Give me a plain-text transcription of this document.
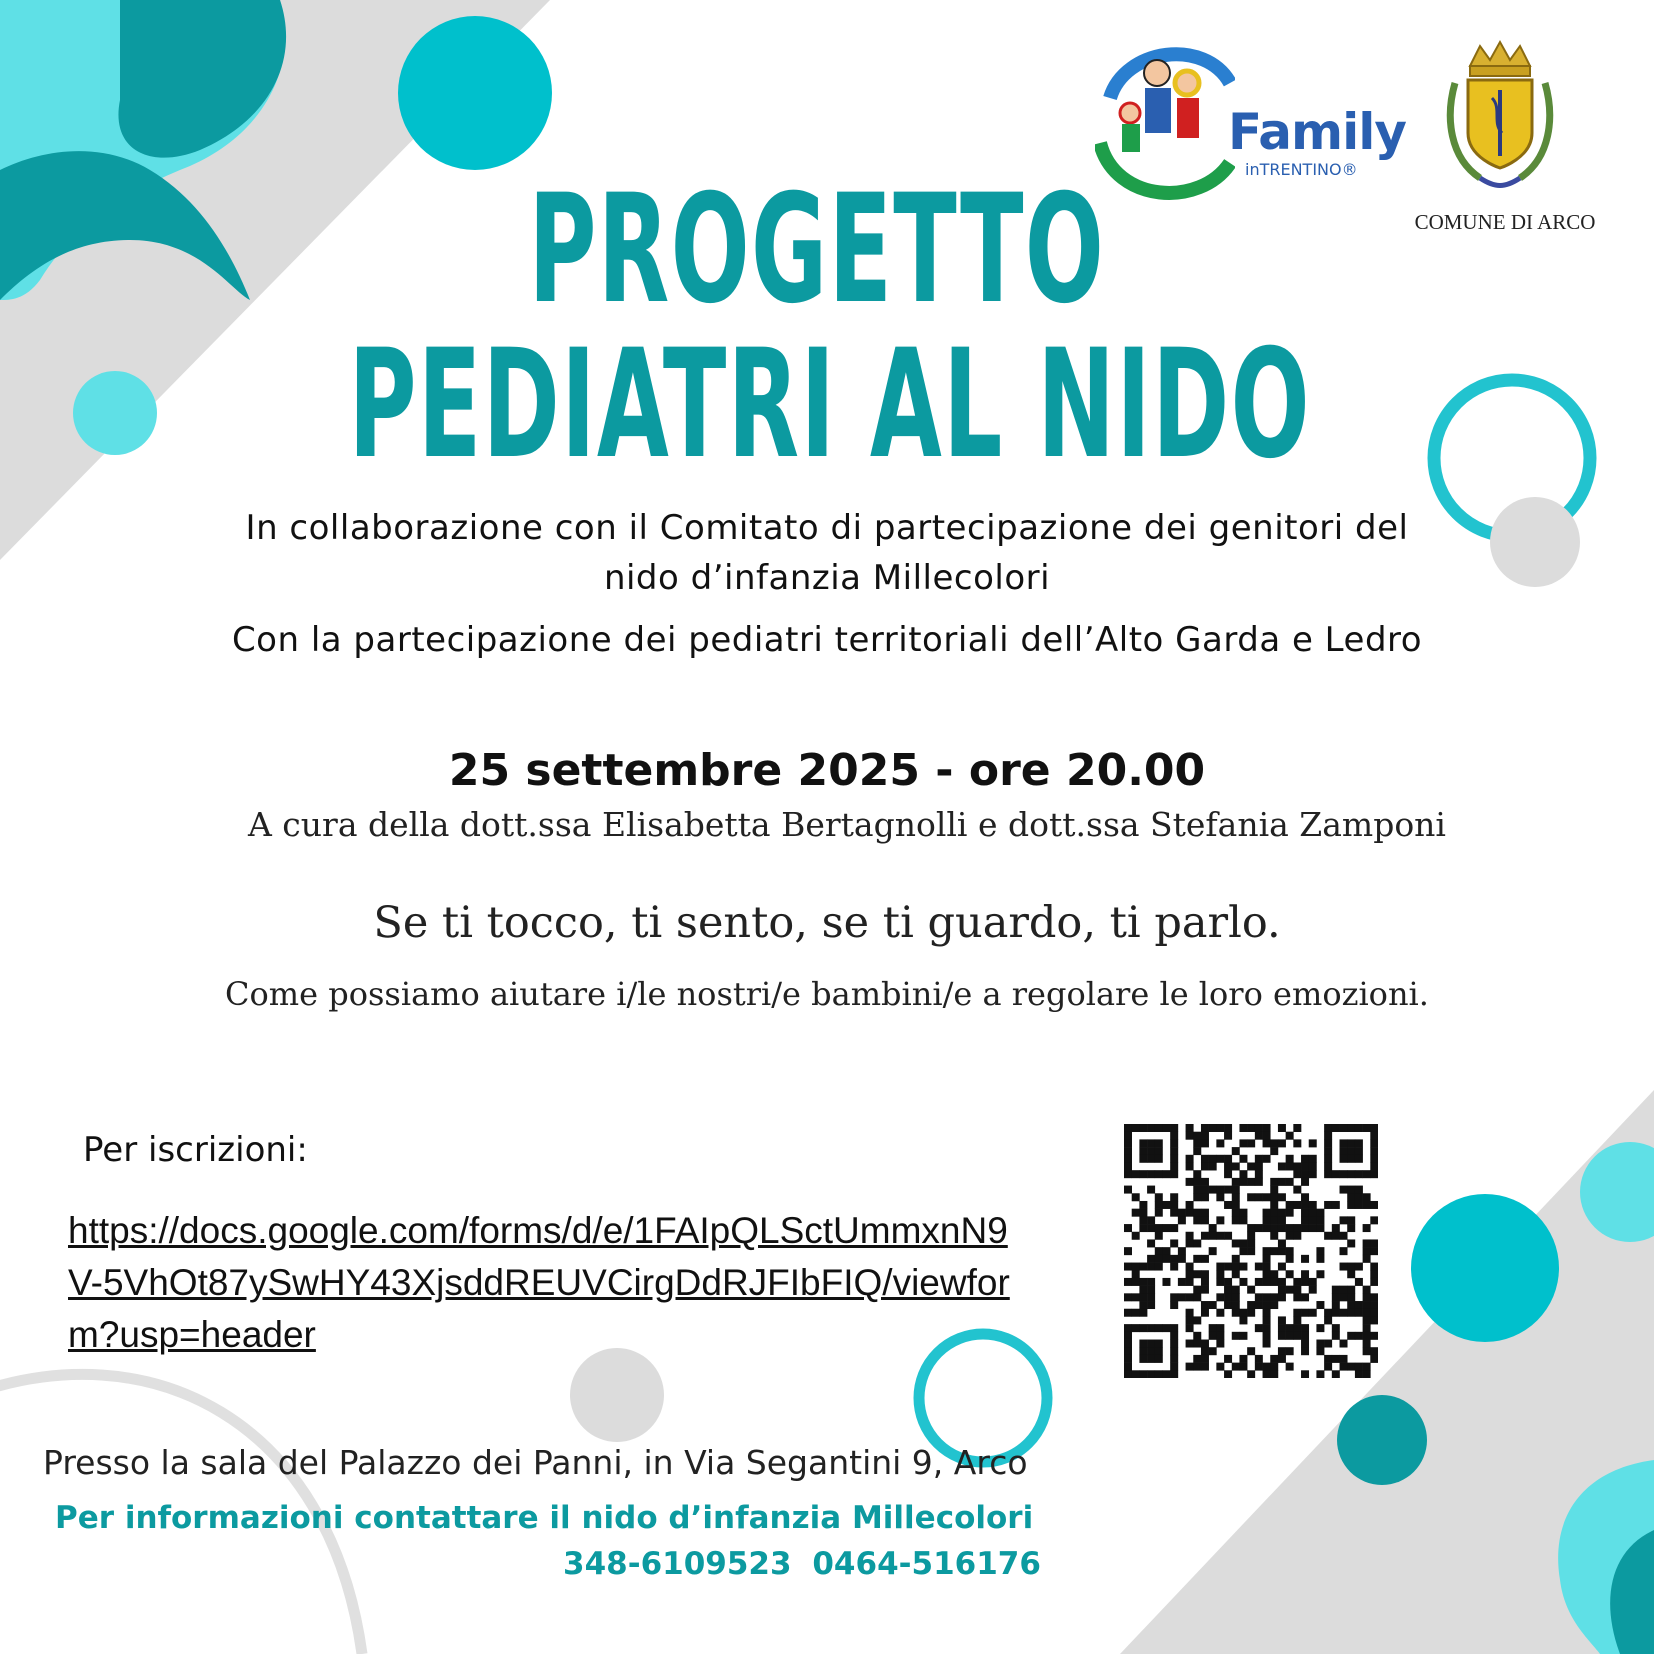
Family
inTRENTINO®
COMUNE DI ARCO
PROGETTO
PEDIATRI AL NIDO
In collaborazione con il Comitato di partecipazione dei genitori del
nido d’infanzia Millecolori
Con la partecipazione dei pediatri territoriali dell’Alto Garda e Ledro
25 settembre 2025 - ore 20.00
A cura della dott.ssa Elisabetta Bertagnolli e dott.ssa Stefania Zamponi
Se ti tocco, ti sento, se ti guardo, ti parlo.
Come possiamo aiutare i/le nostri/e bambini/e a regolare le loro emozioni.
Per iscrizioni:
https://docs.google.com/forms/d/e/1FAIpQLSctUmmxnN9V-5VhOt87ySwHY43XjsddREUVCirgDdRJFIbFIQ/viewform?usp=header
Presso la sala del Palazzo dei Panni, in Via Segantini 9, Arco
Per informazioni contattare il nido d’infanzia Millecolori
348-6109523 0464-516176
